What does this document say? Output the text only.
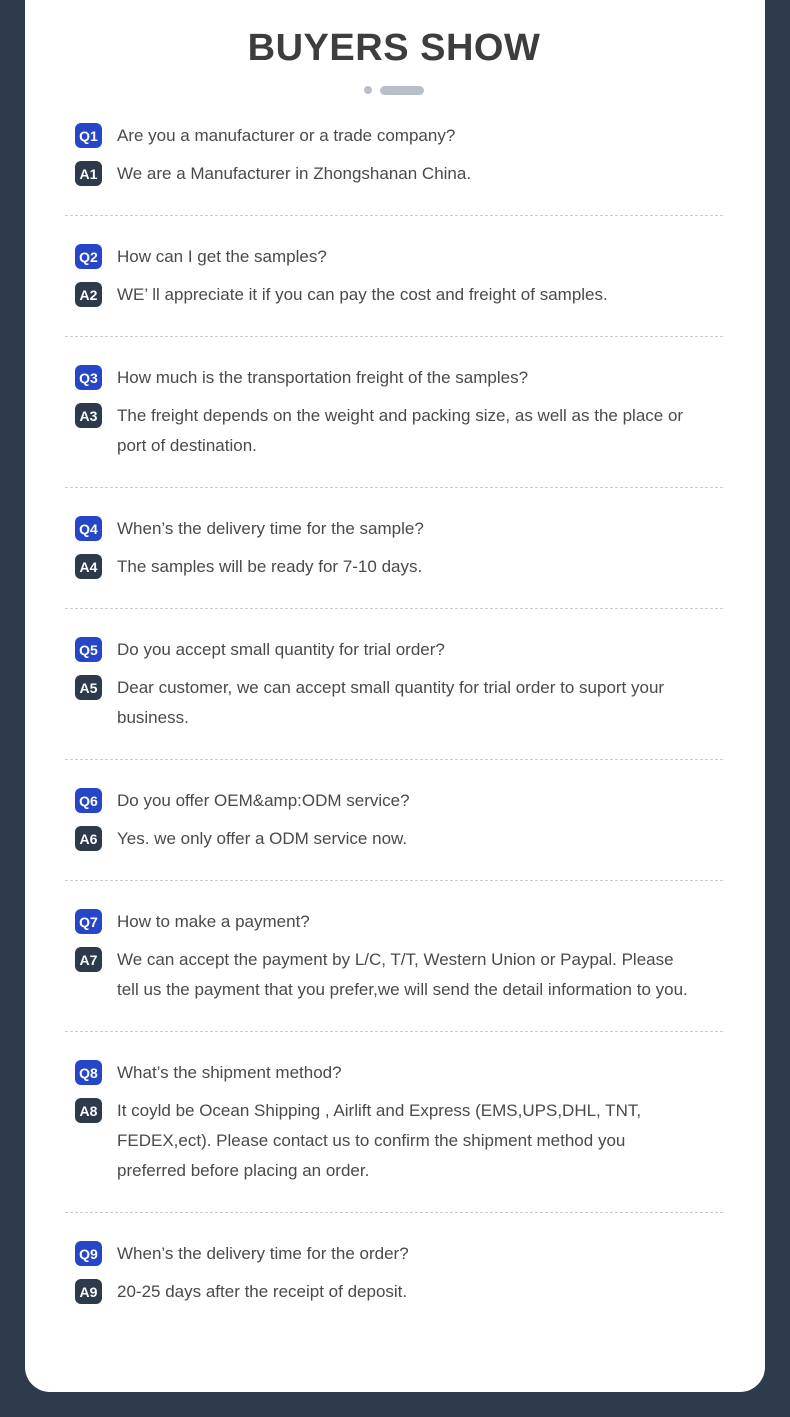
BUYERS SHOW
Q1 Are you a manufacturer or a trade company?

A1 We are a Manufacturer in Zhongshanan China.

Q2 How can I get the samples?

A2 WE’ ll appreciate it if you can pay the cost and freight of samples.

Q3 How much is the transportation freight of the samples?

A3 The freight depends on the weight and packing size, as well as the place or port of destination.

Q4 When’s the delivery time for the sample?

A4 The samples will be ready for 7-10 days.

Q5 Do you accept small quantity for trial order?

A5 Dear customer, we can accept small quantity for trial order to suport your business.

Q6 Do you offer OEM&amp:ODM service?

A6 Yes. we only offer a ODM service now.

Q7 How to make a payment?

A7 We can accept the payment by L/C, T/T, Western Union or Paypal. Please tell us the payment that you prefer,we will send the detail information to you.

Q8 What’s the shipment method?

A8 It coyld be Ocean Shipping , Airlift and Express (EMS,UPS,DHL, TNT, FEDEX,ect). Please contact us to confirm the shipment method you preferred before placing an order.

Q9 When’s the delivery time for the order?

A9 20-25 days after the receipt of deposit.
